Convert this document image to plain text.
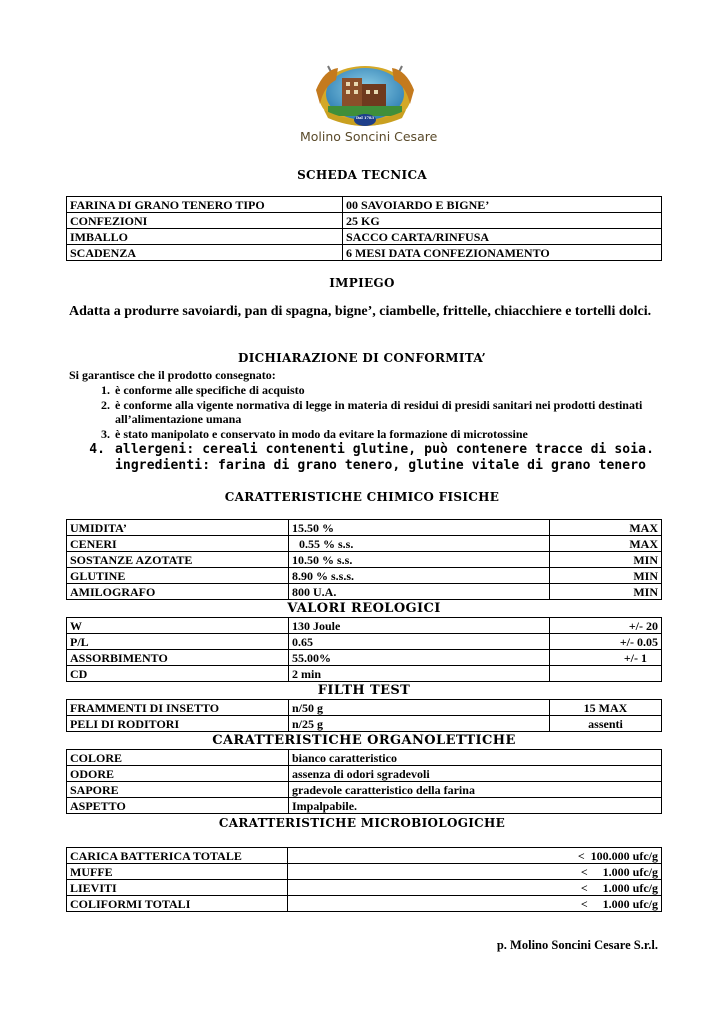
Dal 1783
Molino Soncini Cesare
SCHEDA TECNICA
FARINA DI GRANO TENERO TIPO	00 SAVOIARDO E BIGNE’
CONFEZIONI	25 KG
IMBALLO	SACCO CARTA/RINFUSA
SCADENZA	6 MESI DATA CONFEZIONAMENTO
IMPIEGO
Adatta a produrre savoiardi, pan di spagna, bigne’, ciambelle, frittelle, chiacchiere e tortelli dolci.
DICHIARAZIONE DI CONFORMITA’

Si garantisce che il prodotto consegnato:

1. è conforme alle specifiche di acquisto
2. è conforme alla vigente normativa di legge in materia di residui di presidi sanitari nei prodotti destinati all’alimentazione umana
3. è stato manipolato e conservato in modo da evitare la formazione di microtossine
4. allergeni: cereali contenenti glutine, può contenere tracce di soia. ingredienti: farina di grano tenero, glutine vitale di grano tenero
CARATTERISTICHE CHIMICO FISICHE
UMIDITA’	15.50 %	MAX
CENERI	0.55 % s.s.	MAX
SOSTANZE AZOTATE	10.50 % s.s.	MIN
GLUTINE	8.90 % s.s.s.	MIN
AMILOGRAFO	800 U.A.	MIN
VALORI REOLOGICI		
W	130 Joule	+/- 20
P/L	0.65	+/- 0.05
ASSORBIMENTO	55.00%	+/- 1
CD	2 min	
FILTH TEST		
FRAMMENTI DI INSETTO	n/50 g	15 MAX
PELI DI RODITORI	n/25 g	assenti
CARATTERISTICHE ORGANOLETTICHE		
COLORE	bianco caratteristico	
ODORE	assenza di odori sgradevoli	
SAPORE	gradevole caratteristico della farina	
ASPETTO	Impalpabile.	
CARATTERISTICHE MICROBIOLOGICHE
CARICA BATTERICA TOTALE	<  100.000 ufc/g
MUFFE	<     1.000 ufc/g
LIEVITI	<     1.000 ufc/g
COLIFORMI TOTALI	<     1.000 ufc/g
p. Molino Soncini Cesare S.r.l.
